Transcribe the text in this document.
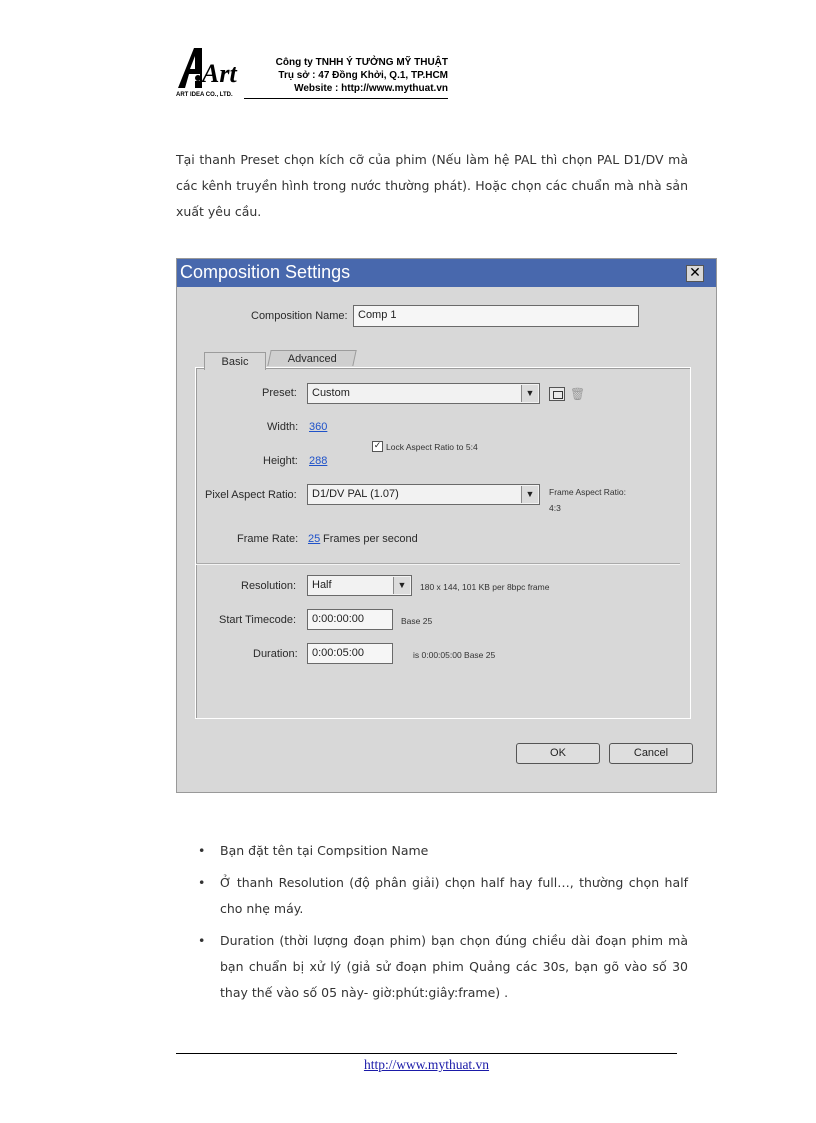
Art
ART IDEA CO., LTD.
Công ty TNHH Ý TƯỞNG MỸ THUẬT
Trụ sở : 47 Đồng Khởi, Q.1, TP.HCM
Website : http://www.mythuat.vn
Tại thanh Preset chọn kích cỡ của phim (Nếu làm hệ PAL thì chọn PAL D1/DV mà các kênh truyền hình trong nước thường phát). Hoặc chọn các chuẩn mà nhà sản xuất yêu cầu.
Composition Settings	✕
Composition Name: Comp 1
Advanced
Basic
Preset:	Custom	▼	🗑
Width: 360
✓ Lock Aspect Ratio to 5:4
Height: 288
Pixel Aspect Ratio:	D1/DV PAL (1.07)	▼	Frame Aspect Ratio:
4:3
Frame Rate: 25 Frames per second
Resolution:	Half	▼	180 x 144, 101 KB per 8bpc frame
Start Timecode:	0:00:00:00	Base 25
Duration:	0:00:05:00	is 0:00:05:00 Base 25
OK	Cancel
• Bạn đặt tên tại Compsition Name
• Ở thanh Resolution (độ phân giải) chọn half hay full…, thường chọn half cho nhẹ máy.
• Duration (thời lượng đoạn phim) bạn chọn đúng chiều dài đoạn phim mà bạn chuẩn bị xử lý (giả sử đoạn phim Quảng các 30s, bạn gõ vào số 30 thay thế vào số 05 này- giờ:phút:giây:frame) .
http://www.mythuat.vn
